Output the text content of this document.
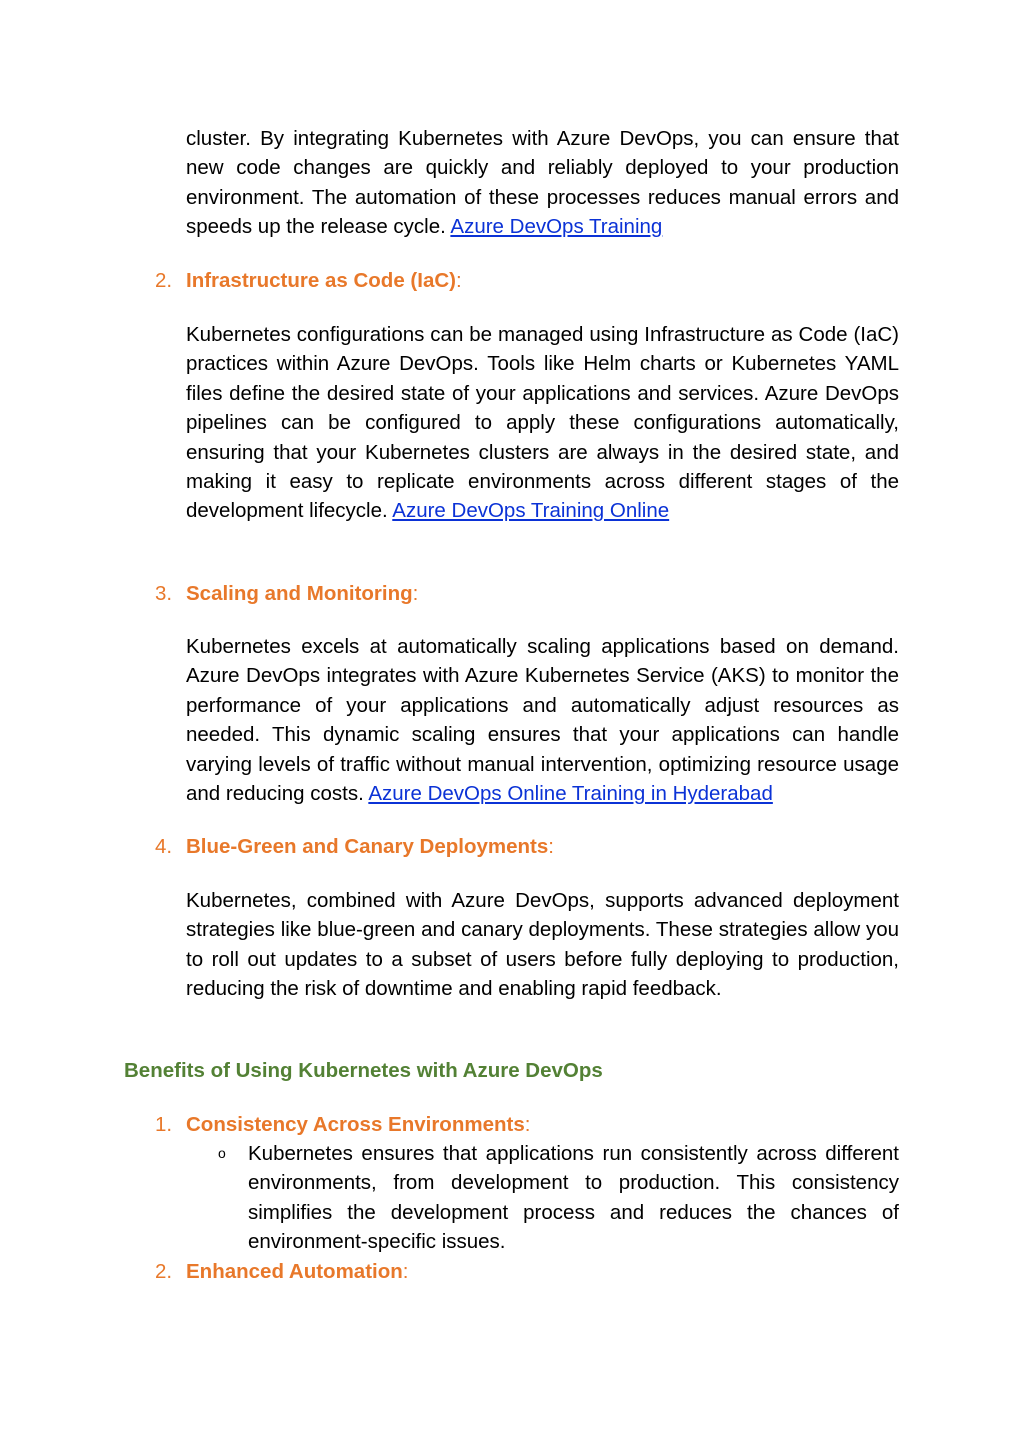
cluster. By integrating Kubernetes with Azure DevOps, you can ensure that new code changes are quickly and reliably deployed to your production environment. The automation of these processes reduces manual errors and speeds up the release cycle. Azure DevOps Training

2. Infrastructure as Code (IaC):

Kubernetes configurations can be managed using Infrastructure as Code (IaC) practices within Azure DevOps. Tools like Helm charts or Kubernetes YAML files define the desired state of your applications and services. Azure DevOps pipelines can be configured to apply these configurations automatically, ensuring that your Kubernetes clusters are always in the desired state, and making it easy to replicate environments across different stages of the development lifecycle. Azure DevOps Training Online

3. Scaling and Monitoring:

Kubernetes excels at automatically scaling applications based on demand. Azure DevOps integrates with Azure Kubernetes Service (AKS) to monitor the performance of your applications and automatically adjust resources as needed. This dynamic scaling ensures that your applications can handle varying levels of traffic without manual intervention, optimizing resource usage and reducing costs. Azure DevOps Online Training in Hyderabad

4. Blue-Green and Canary Deployments:

Kubernetes, combined with Azure DevOps, supports advanced deployment strategies like blue-green and canary deployments. These strategies allow you to roll out updates to a subset of users before fully deploying to production, reducing the risk of downtime and enabling rapid feedback.

Benefits of Using Kubernetes with Azure DevOps

1. Consistency Across Environments:

o Kubernetes ensures that applications run consistently across different environments, from development to production. This consistency simplifies the development process and reduces the chances of environment-specific issues.

2. Enhanced Automation:
